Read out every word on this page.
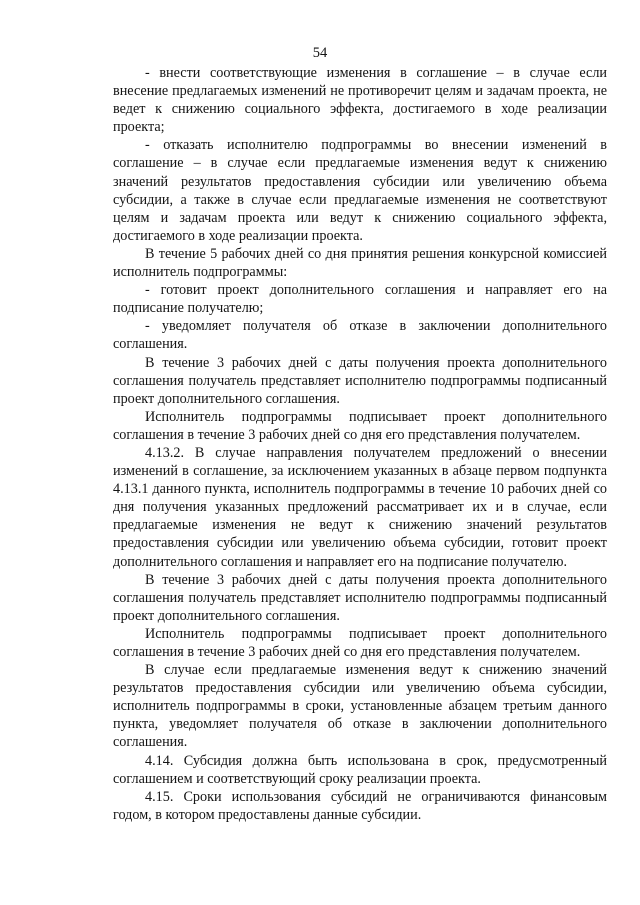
54

- внести соответствующие изменения в соглашение – в случае если внесение предлагаемых изменений не противоречит целям и задачам проекта, не ведет к снижению социального эффекта, достигаемого в ходе реализации проекта;

- отказать исполнителю подпрограммы во внесении изменений в соглашение – в случае если предлагаемые изменения ведут к снижению значений результатов предоставления субсидии или увеличению объема субсидии, а также в случае если предлагаемые изменения не соответствуют целям и задачам проекта или ведут к снижению социального эффекта, достигаемого в ходе реализации проекта.

В течение 5 рабочих дней со дня принятия решения конкурсной комиссией исполнитель подпрограммы:

- готовит проект дополнительного соглашения и направляет его на подписание получателю;

- уведомляет получателя об отказе в заключении дополнительного соглашения.

В течение 3 рабочих дней с даты получения проекта дополнительного соглашения получатель представляет исполнителю подпрограммы подписанный проект дополнительного соглашения.

Исполнитель подпрограммы подписывает проект дополнительного соглашения в течение 3 рабочих дней со дня его представления получателем.

4.13.2. В случае направления получателем предложений о внесении изменений в соглашение, за исключением указанных в абзаце первом подпункта 4.13.1 данного пункта, исполнитель подпрограммы в течение 10 рабочих дней со дня получения указанных предложений рассматривает их и в случае, если предлагаемые изменения не ведут к снижению значений результатов предоставления субсидии или увеличению объема субсидии, готовит проект дополнительного соглашения и направляет его на подписание получателю.

В течение 3 рабочих дней с даты получения проекта дополнительного соглашения получатель представляет исполнителю подпрограммы подписанный проект дополнительного соглашения.

Исполнитель подпрограммы подписывает проект дополнительного соглашения в течение 3 рабочих дней со дня его представления получателем.

В случае если предлагаемые изменения ведут к снижению значений результатов предоставления субсидии или увеличению объема субсидии, исполнитель подпрограммы в сроки, установленные абзацем третьим данного пункта, уведомляет получателя об отказе в заключении дополнительного соглашения.

4.14. Субсидия должна быть использована в срок, предусмотренный соглашением и соответствующий сроку реализации проекта.

4.15. Сроки использования субсидий не ограничиваются финансовым годом, в котором предоставлены данные субсидии.
